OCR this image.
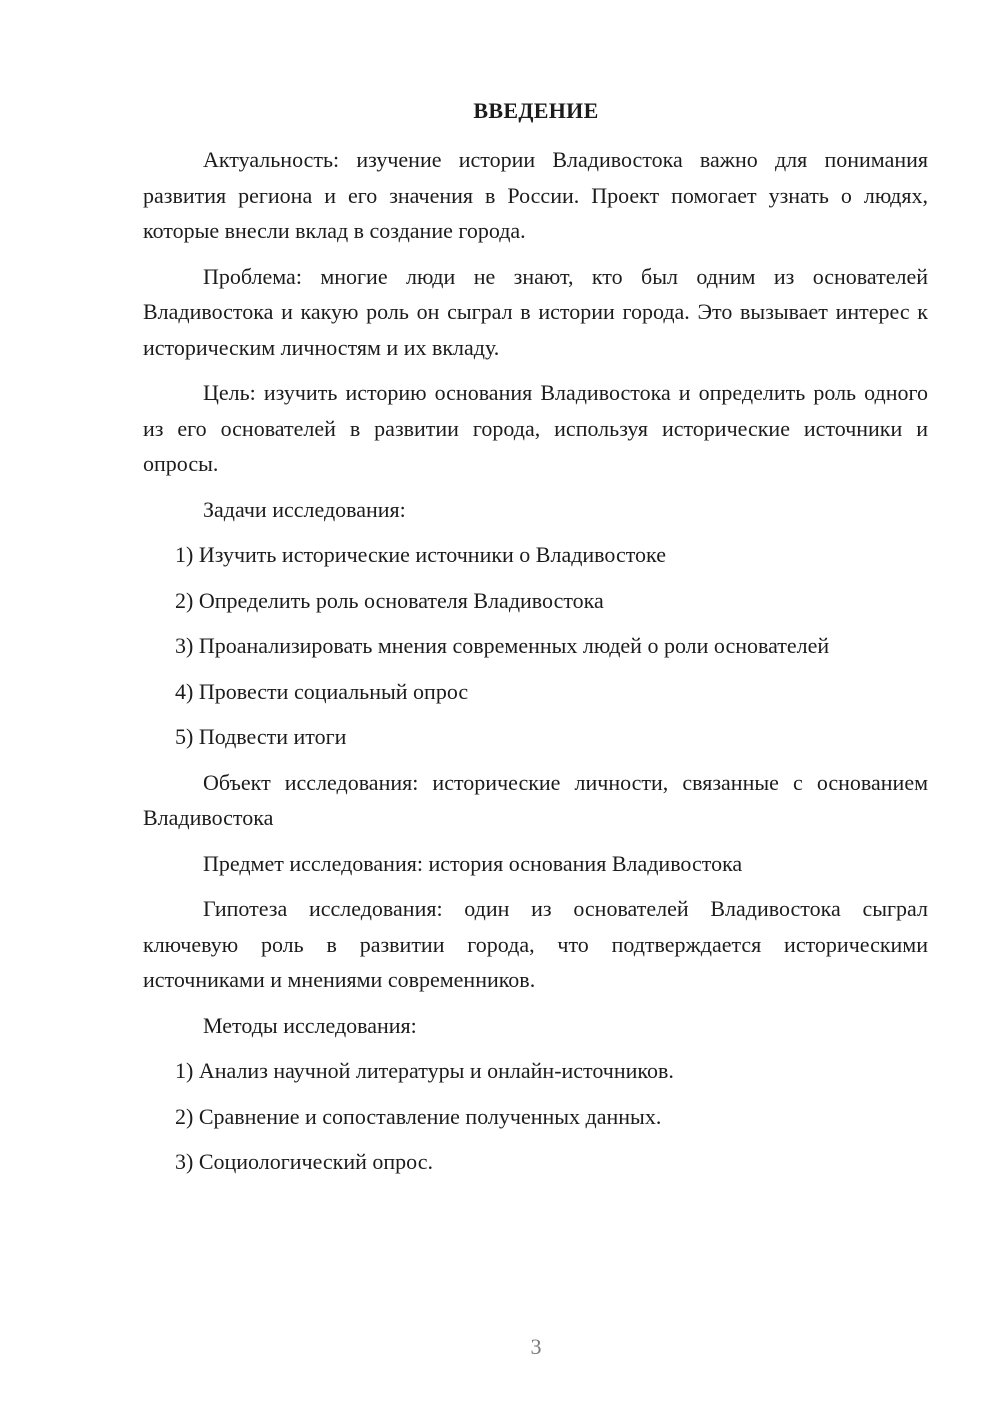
ВВЕДЕНИЕ

Актуальность: изучение истории Владивостока важно для понимания развития региона и его значения в России. Проект помогает узнать о людях, которые внесли вклад в создание города.

Проблема: многие люди не знают, кто был одним из основателей Владивостока и какую роль он сыграл в истории города. Это вызывает интерес к историческим личностям и их вкладу.

Цель: изучить историю основания Владивостока и определить роль одного из его основателей в развитии города, используя исторические источники и опросы.

Задачи исследования:

1) Изучить исторические источники о Владивостоке

2) Определить роль основателя Владивостока

3) Проанализировать мнения современных людей о роли основателей

4) Провести социальный опрос

5) Подвести итоги

Объект исследования: исторические личности, связанные с основанием Владивостока

Предмет исследования: история основания Владивостока

Гипотеза исследования: один из основателей Владивостока сыграл ключевую роль в развитии города, что подтверждается историческими источниками и мнениями современников.

Методы исследования:

1) Анализ научной литературы и онлайн-источников.

2) Сравнение и сопоставление полученных данных.

3) Социологический опрос.

3
